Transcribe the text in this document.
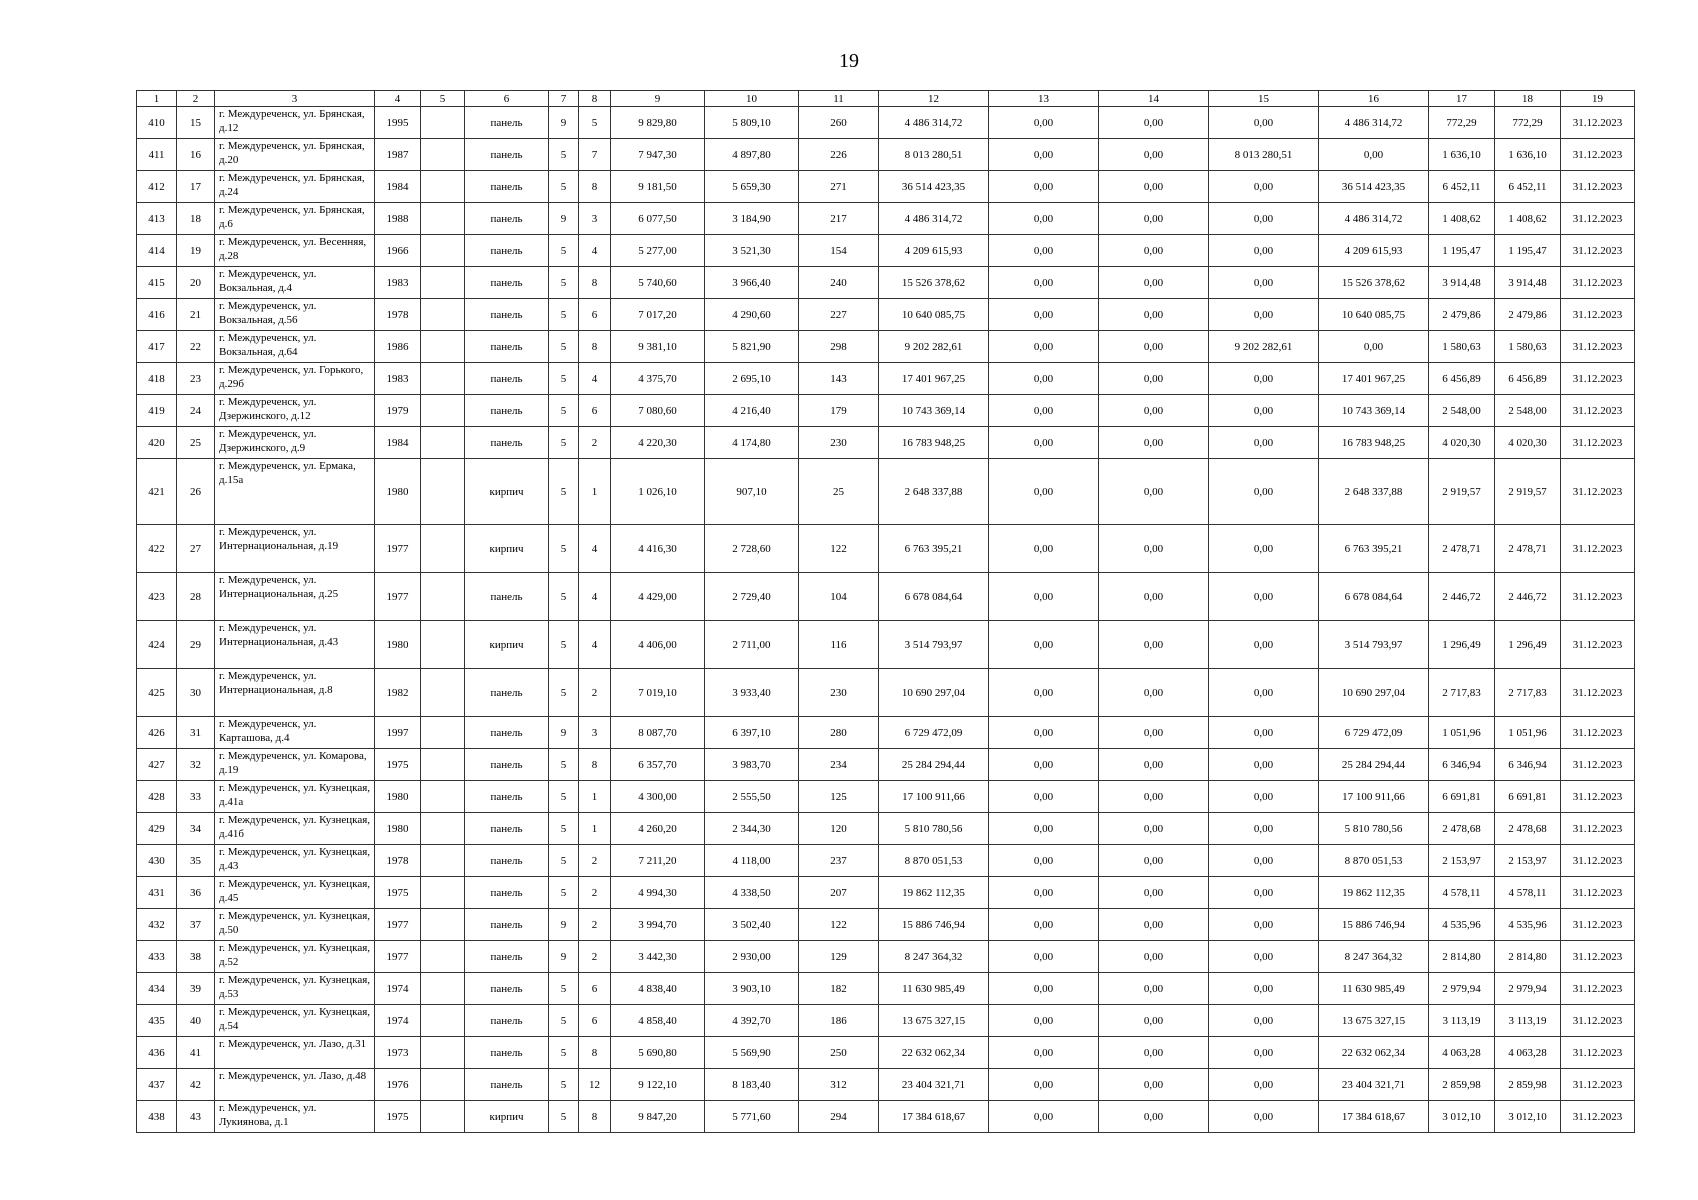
19
1	2	3	4	5	6	7	8	9	10	11	12	13	14	15	16	17	18	19
410	15	г. Междуреченск, ул. Брянская, д.12	1995		панель	9	5	9 829,80	5 809,10	260	4 486 314,72	0,00	0,00	0,00	4 486 314,72	772,29	772,29	31.12.2023
411	16	г. Междуреченск, ул. Брянская, д.20	1987		панель	5	7	7 947,30	4 897,80	226	8 013 280,51	0,00	0,00	8 013 280,51	0,00	1 636,10	1 636,10	31.12.2023
412	17	г. Междуреченск, ул. Брянская, д.24	1984		панель	5	8	9 181,50	5 659,30	271	36 514 423,35	0,00	0,00	0,00	36 514 423,35	6 452,11	6 452,11	31.12.2023
413	18	г. Междуреченск, ул. Брянская, д.6	1988		панель	9	3	6 077,50	3 184,90	217	4 486 314,72	0,00	0,00	0,00	4 486 314,72	1 408,62	1 408,62	31.12.2023
414	19	г. Междуреченск, ул. Весенняя, д.28	1966		панель	5	4	5 277,00	3 521,30	154	4 209 615,93	0,00	0,00	0,00	4 209 615,93	1 195,47	1 195,47	31.12.2023
415	20	г. Междуреченск, ул. Вокзальная, д.4	1983		панель	5	8	5 740,60	3 966,40	240	15 526 378,62	0,00	0,00	0,00	15 526 378,62	3 914,48	3 914,48	31.12.2023
416	21	г. Междуреченск, ул. Вокзальная, д.56	1978		панель	5	6	7 017,20	4 290,60	227	10 640 085,75	0,00	0,00	0,00	10 640 085,75	2 479,86	2 479,86	31.12.2023
417	22	г. Междуреченск, ул. Вокзальная, д.64	1986		панель	5	8	9 381,10	5 821,90	298	9 202 282,61	0,00	0,00	9 202 282,61	0,00	1 580,63	1 580,63	31.12.2023
418	23	г. Междуреченск, ул. Горького, д.29б	1983		панель	5	4	4 375,70	2 695,10	143	17 401 967,25	0,00	0,00	0,00	17 401 967,25	6 456,89	6 456,89	31.12.2023
419	24	г. Междуреченск, ул. Дзержинского, д.12	1979		панель	5	6	7 080,60	4 216,40	179	10 743 369,14	0,00	0,00	0,00	10 743 369,14	2 548,00	2 548,00	31.12.2023
420	25	г. Междуреченск, ул. Дзержинского, д.9	1984		панель	5	2	4 220,30	4 174,80	230	16 783 948,25	0,00	0,00	0,00	16 783 948,25	4 020,30	4 020,30	31.12.2023
421	26	г. Междуреченск, ул. Ермака, д.15а	1980		кирпич	5	1	1 026,10	907,10	25	2 648 337,88	0,00	0,00	0,00	2 648 337,88	2 919,57	2 919,57	31.12.2023
422	27	г. Междуреченск, ул. Интернациональная, д.19	1977		кирпич	5	4	4 416,30	2 728,60	122	6 763 395,21	0,00	0,00	0,00	6 763 395,21	2 478,71	2 478,71	31.12.2023
423	28	г. Междуреченск, ул. Интернациональная, д.25	1977		панель	5	4	4 429,00	2 729,40	104	6 678 084,64	0,00	0,00	0,00	6 678 084,64	2 446,72	2 446,72	31.12.2023
424	29	г. Междуреченск, ул. Интернациональная, д.43	1980		кирпич	5	4	4 406,00	2 711,00	116	3 514 793,97	0,00	0,00	0,00	3 514 793,97	1 296,49	1 296,49	31.12.2023
425	30	г. Междуреченск, ул. Интернациональная, д.8	1982		панель	5	2	7 019,10	3 933,40	230	10 690 297,04	0,00	0,00	0,00	10 690 297,04	2 717,83	2 717,83	31.12.2023
426	31	г. Междуреченск, ул. Карташова, д.4	1997		панель	9	3	8 087,70	6 397,10	280	6 729 472,09	0,00	0,00	0,00	6 729 472,09	1 051,96	1 051,96	31.12.2023
427	32	г. Междуреченск, ул. Комарова, д.19	1975		панель	5	8	6 357,70	3 983,70	234	25 284 294,44	0,00	0,00	0,00	25 284 294,44	6 346,94	6 346,94	31.12.2023
428	33	г. Междуреченск, ул. Кузнецкая, д.41а	1980		панель	5	1	4 300,00	2 555,50	125	17 100 911,66	0,00	0,00	0,00	17 100 911,66	6 691,81	6 691,81	31.12.2023
429	34	г. Междуреченск, ул. Кузнецкая, д.41б	1980		панель	5	1	4 260,20	2 344,30	120	5 810 780,56	0,00	0,00	0,00	5 810 780,56	2 478,68	2 478,68	31.12.2023
430	35	г. Междуреченск, ул. Кузнецкая, д.43	1978		панель	5	2	7 211,20	4 118,00	237	8 870 051,53	0,00	0,00	0,00	8 870 051,53	2 153,97	2 153,97	31.12.2023
431	36	г. Междуреченск, ул. Кузнецкая, д.45	1975		панель	5	2	4 994,30	4 338,50	207	19 862 112,35	0,00	0,00	0,00	19 862 112,35	4 578,11	4 578,11	31.12.2023
432	37	г. Междуреченск, ул. Кузнецкая, д.50	1977		панель	9	2	3 994,70	3 502,40	122	15 886 746,94	0,00	0,00	0,00	15 886 746,94	4 535,96	4 535,96	31.12.2023
433	38	г. Междуреченск, ул. Кузнецкая, д.52	1977		панель	9	2	3 442,30	2 930,00	129	8 247 364,32	0,00	0,00	0,00	8 247 364,32	2 814,80	2 814,80	31.12.2023
434	39	г. Междуреченск, ул. Кузнецкая, д.53	1974		панель	5	6	4 838,40	3 903,10	182	11 630 985,49	0,00	0,00	0,00	11 630 985,49	2 979,94	2 979,94	31.12.2023
435	40	г. Междуреченск, ул. Кузнецкая, д.54	1974		панель	5	6	4 858,40	4 392,70	186	13 675 327,15	0,00	0,00	0,00	13 675 327,15	3 113,19	3 113,19	31.12.2023
436	41	г. Междуреченск, ул. Лазо, д.31	1973		панель	5	8	5 690,80	5 569,90	250	22 632 062,34	0,00	0,00	0,00	22 632 062,34	4 063,28	4 063,28	31.12.2023
437	42	г. Междуреченск, ул. Лазо, д.48	1976		панель	5	12	9 122,10	8 183,40	312	23 404 321,71	0,00	0,00	0,00	23 404 321,71	2 859,98	2 859,98	31.12.2023
438	43	г. Междуреченск, ул. Лукиянова, д.1	1975		кирпич	5	8	9 847,20	5 771,60	294	17 384 618,67	0,00	0,00	0,00	17 384 618,67	3 012,10	3 012,10	31.12.2023
